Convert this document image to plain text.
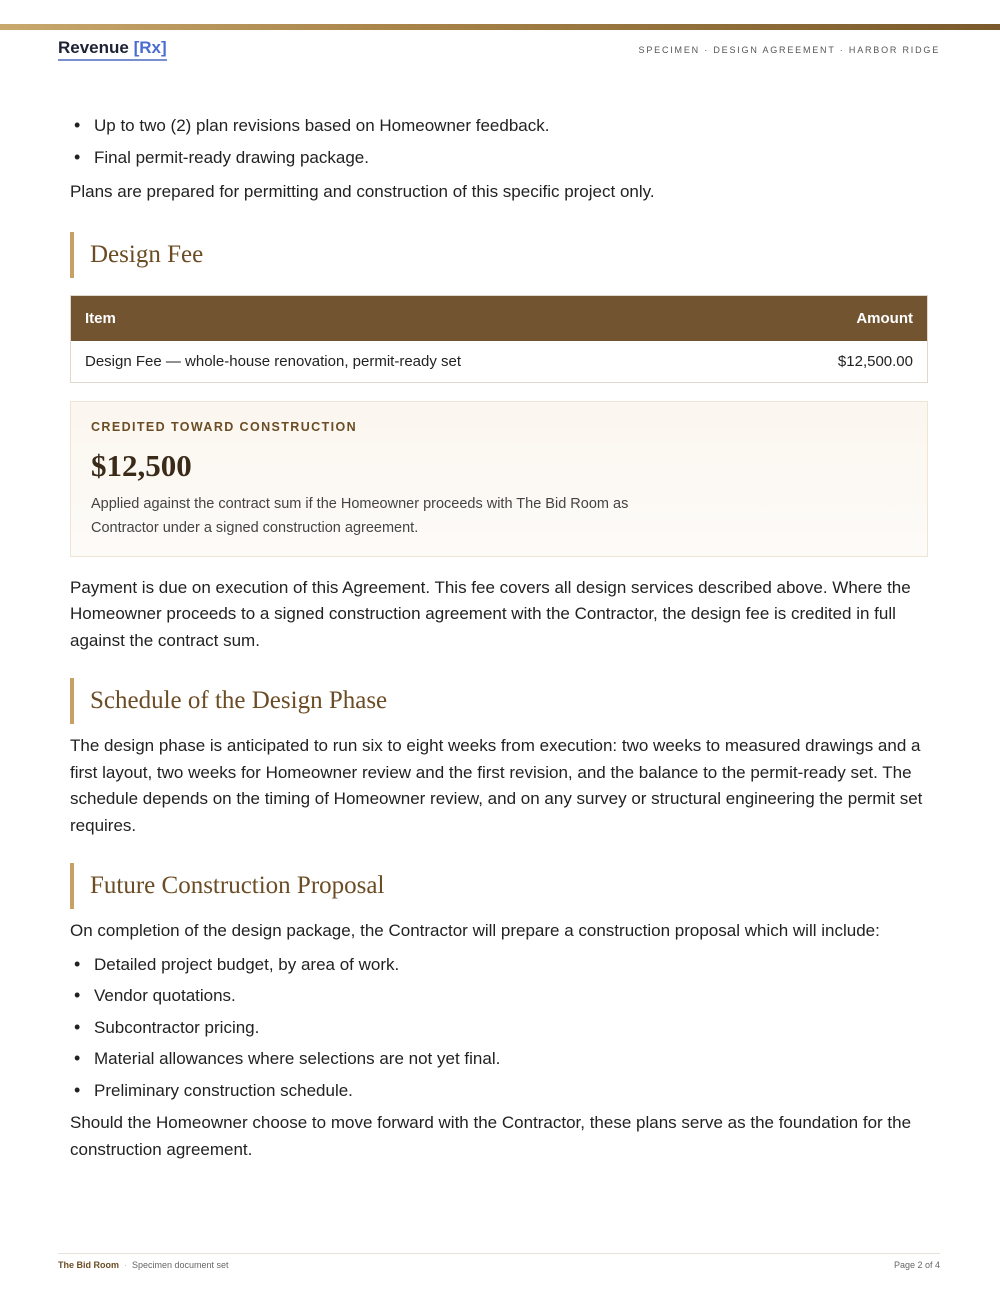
Revenue [Rx]	SPECIMEN · DESIGN AGREEMENT · HARBOR RIDGE
• Up to two (2) plan revisions based on Homeowner feedback.
• Final permit-ready drawing package.

Plans are prepared for permitting and construction of this specific project only.

Design Fee
Item	Amount
Design Fee — whole-house renovation, permit-ready set	$12,500.00
CREDITED TOWARD CONSTRUCTION
$12,500
Applied against the contract sum if the Homeowner proceeds with The Bid Room as Contractor under a signed construction agreement.

Payment is due on execution of this Agreement. This fee covers all design services described above. Where the Homeowner proceeds to a signed construction agreement with the Contractor, the design fee is credited in full against the contract sum.

Schedule of the Design Phase

The design phase is anticipated to run six to eight weeks from execution: two weeks to measured drawings and a first layout, two weeks for Homeowner review and the first revision, and the balance to the permit-ready set. The schedule depends on the timing of Homeowner review, and on any survey or structural engineering the permit set requires.

Future Construction Proposal

On completion of the design package, the Contractor will prepare a construction proposal which will include:

• Detailed project budget, by area of work.
• Vendor quotations.
• Subcontractor pricing.
• Material allowances where selections are not yet final.
• Preliminary construction schedule.

Should the Homeowner choose to move forward with the Contractor, these plans serve as the foundation for the construction agreement.

The Bid Room · Specimen document set	Page 2 of 4
